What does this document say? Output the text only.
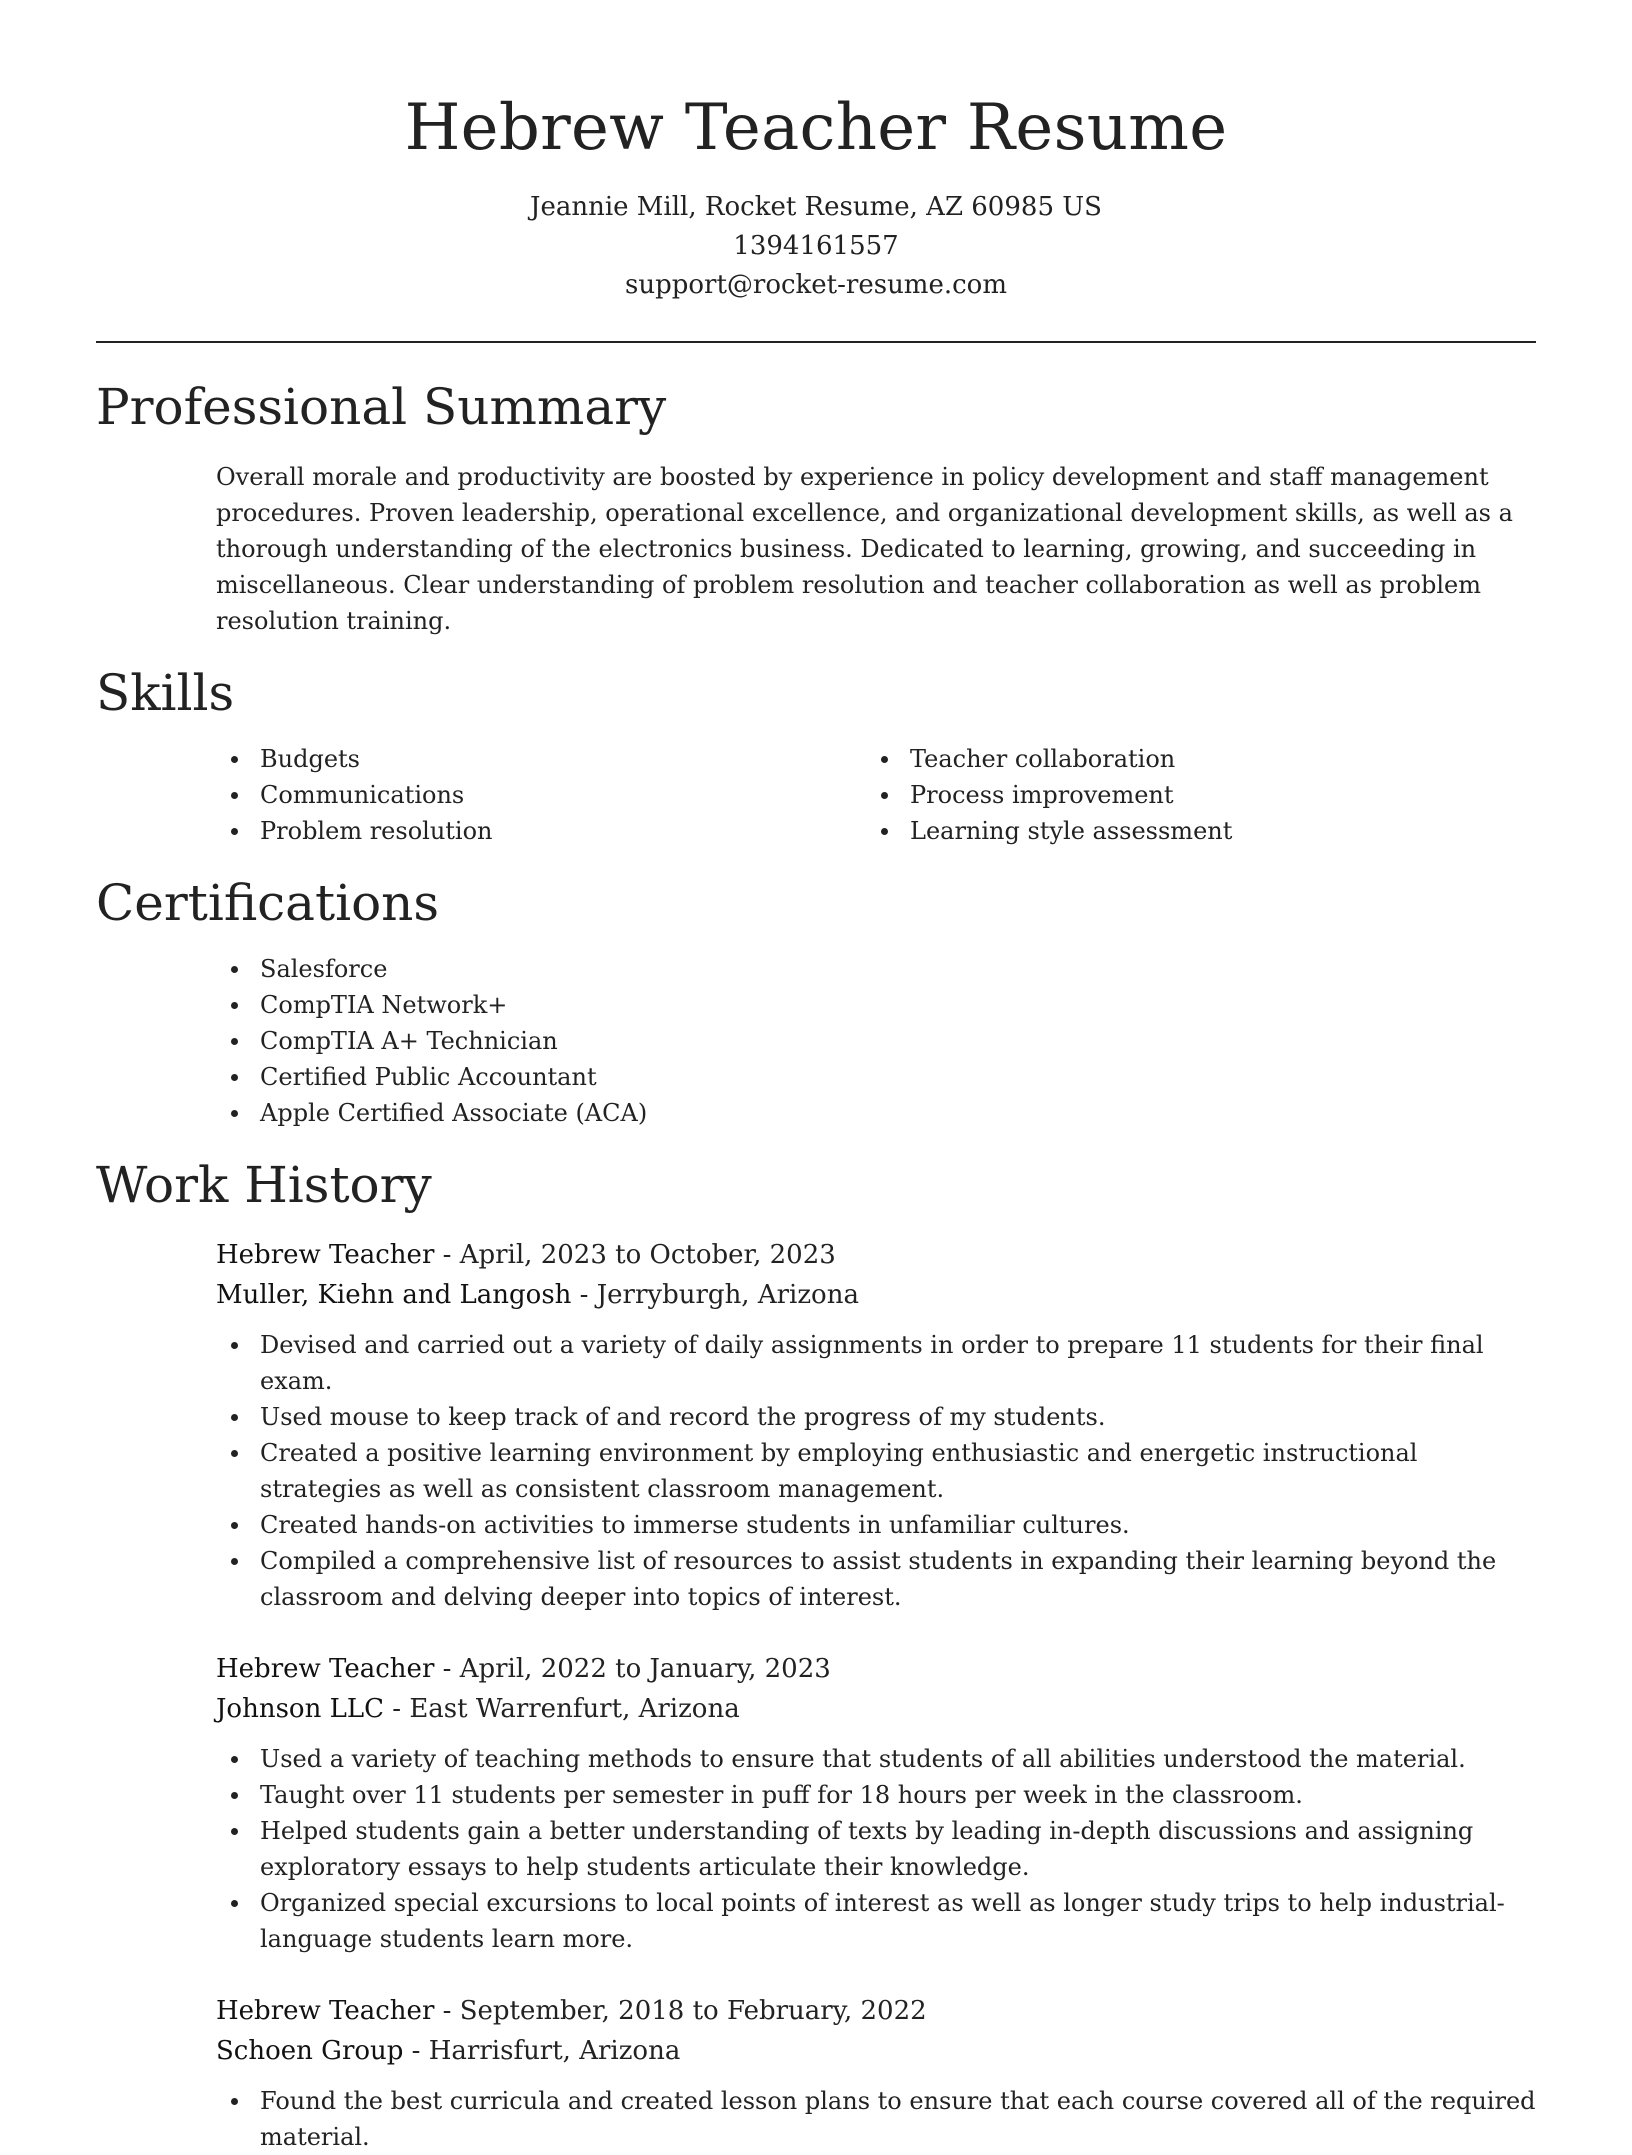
Hebrew Teacher Resume
Jeannie Mill, Rocket Resume, AZ 60985 US
1394161557
support@rocket-resume.com
Professional Summary
Overall morale and productivity are boosted by experience in policy development and staff management procedures. Proven leadership, operational excellence, and organizational development skills, as well as a thorough understanding of the electronics business. Dedicated to learning, growing, and succeeding in miscellaneous. Clear understanding of problem resolution and teacher collaboration as well as problem resolution training.
Skills
Budgets
Communications
Problem resolution
Teacher collaboration
Process improvement
Learning style assessment
Certifications
Salesforce
CompTIA Network+
CompTIA A+ Technician
Certified Public Accountant
Apple Certified Associate (ACA)
Work History
Hebrew Teacher - April, 2023 to October, 2023
Muller, Kiehn and Langosh - Jerryburgh, Arizona
Devised and carried out a variety of daily assignments in order to prepare 11 students for their final exam.
Used mouse to keep track of and record the progress of my students.
Created a positive learning environment by employing enthusiastic and energetic instructional strategies as well as consistent classroom management.
Created hands-on activities to immerse students in unfamiliar cultures.
Compiled a comprehensive list of resources to assist students in expanding their learning beyond the classroom and delving deeper into topics of interest.
Hebrew Teacher - April, 2022 to January, 2023
Johnson LLC - East Warrenfurt, Arizona
Used a variety of teaching methods to ensure that students of all abilities understood the material.
Taught over 11 students per semester in puff for 18 hours per week in the classroom.
Helped students gain a better understanding of texts by leading in-depth discussions and assigning exploratory essays to help students articulate their knowledge.
Organized special excursions to local points of interest as well as longer study trips to help industrial-language students learn more.
Hebrew Teacher - September, 2018 to February, 2022
Schoen Group - Harrisfurt, Arizona
Found the best curricula and created lesson plans to ensure that each course covered all of the required material.
